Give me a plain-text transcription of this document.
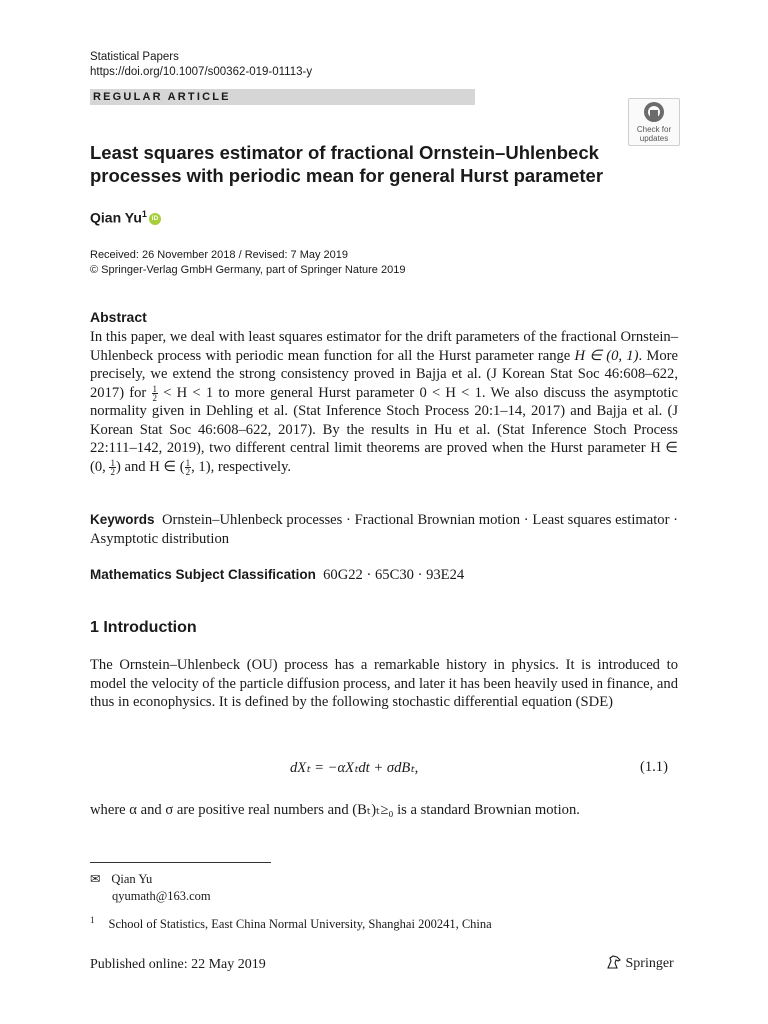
Statistical Papers
https://doi.org/10.1007/s00362-019-01113-y
REGULAR ARTICLE
Check for updates
Least squares estimator of fractional Ornstein–Uhlenbeck
processes with periodic mean for general Hurst parameter
Qian Yu$^1$ iD
Received: 26 November 2018 / Revised: 7 May 2019
© Springer-Verlag GmbH Germany, part of Springer Nature 2019
Abstract
In this paper, we deal with least squares estimator for the drift parameters of the fractional Ornstein–Uhlenbeck process with periodic mean function for all the Hurst parameter range H ∈ (0, 1). More precisely, we extend the strong consistency proved in Bajja et al. (J Korean Stat Soc 46:608–622, 2017) for $\frac{1}{2} < H < 1$ to more general Hurst parameter 0 < H < 1. We also discuss the asymptotic normality given in Dehling et al. (Stat Inference Stoch Process 20:1–14, 2017) and Bajja et al. (J Korean Stat Soc 46:608–622, 2017). By the results in Hu et al. (Stat Inference Stoch Process 22:111–142, 2019), two different central limit theorems are proved when the Hurst parameter H ∈ (0, $\frac{1}{2}$ ) and H ∈ ( $\frac{1}{2}$ , 1), respectively.
Keywords Ornstein–Uhlenbeck processes · Fractional Brownian motion · Least squares estimator · Asymptotic distribution
Mathematics Subject Classification 60G22 · 65C30 · 93E24
1 Introduction
The Ornstein–Uhlenbeck (OU) process has a remarkable history in physics. It is introduced to model the velocity of the particle diffusion process, and later it has been heavily used in finance, and thus in econophysics. It is defined by the following stochastic differential equation (SDE)
dXₜ = −αXₜdt + σdBₜ,	(1.1)
where α and σ are positive real numbers and (Bₜ)ₜ≥₀ is a standard Brownian motion.
✉ Qian Yu
qyumath@163.com
$^1$ School of Statistics, East China Normal University, Shanghai 200241, China
Published online: 22 May 2019	Springer
